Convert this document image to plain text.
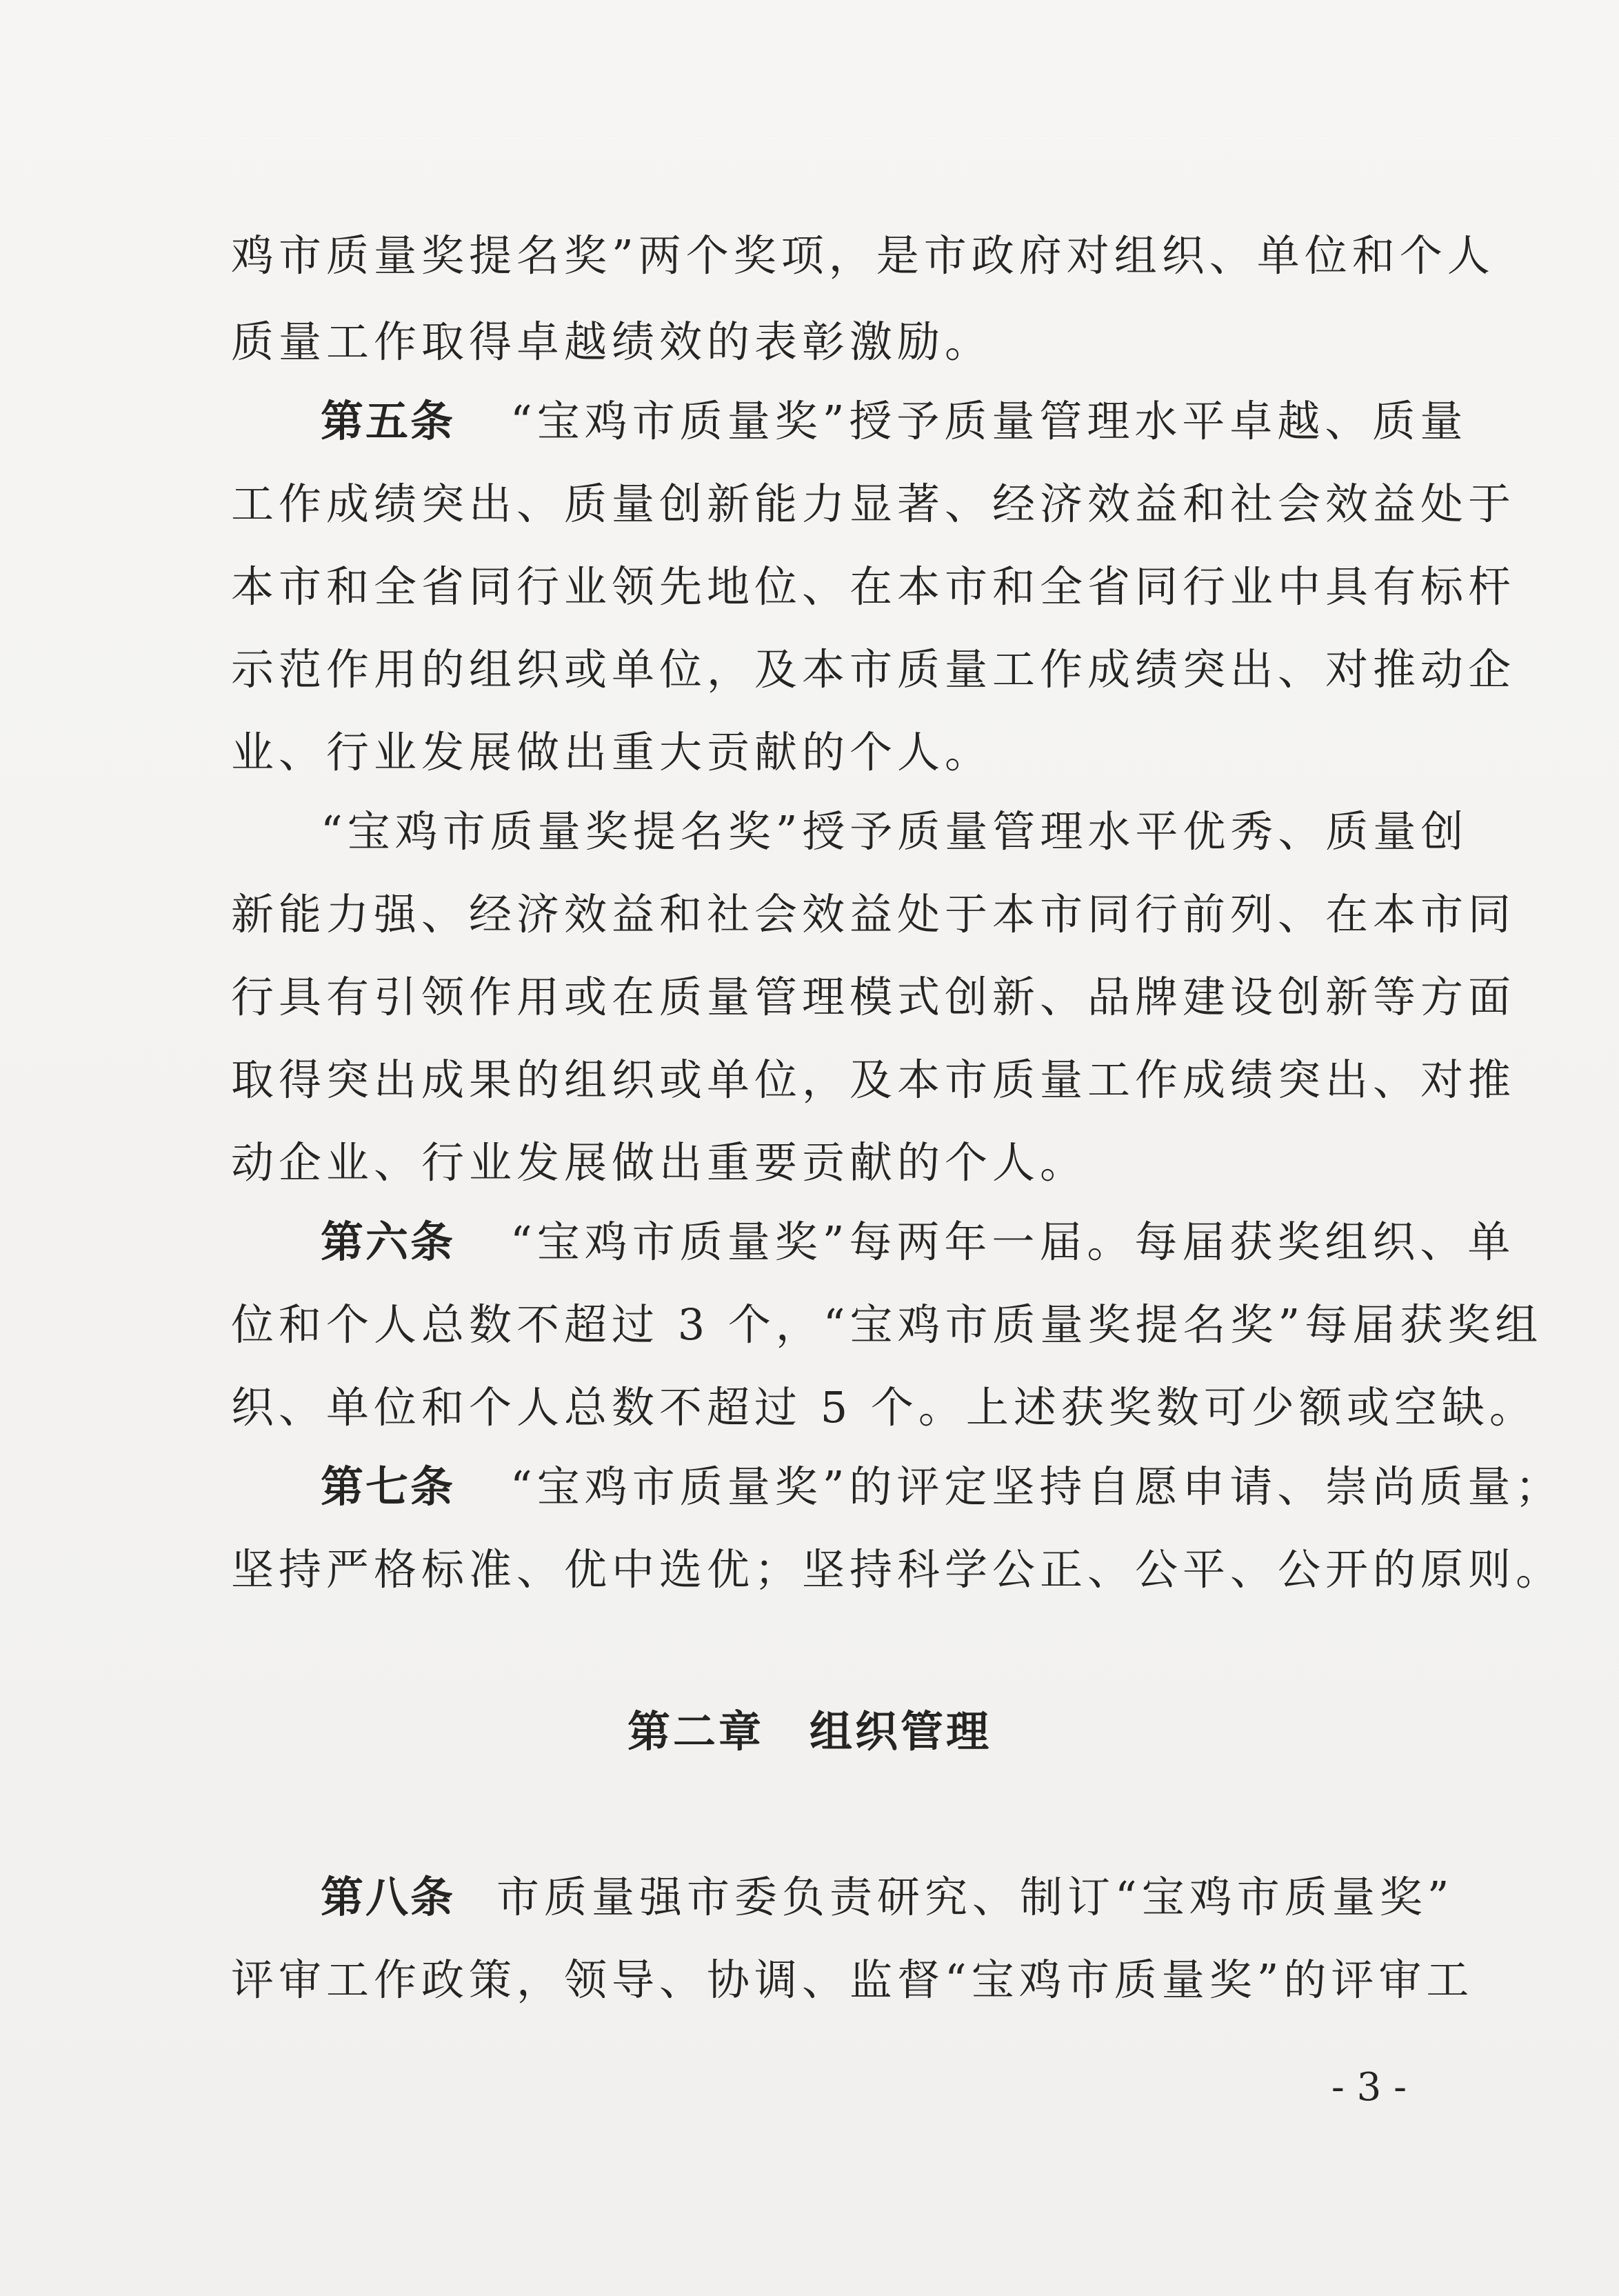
鸡市质量奖提名奖”两个奖项，是市政府对组织、单位和个人
质量工作取得卓越绩效的表彰激励。
第五条 “宝鸡市质量奖”授予质量管理水平卓越、质量
工作成绩突出、质量创新能力显著、经济效益和社会效益处于
本市和全省同行业领先地位、在本市和全省同行业中具有标杆
示范作用的组织或单位，及本市质量工作成绩突出、对推动企
业、行业发展做出重大贡献的个人。
“宝鸡市质量奖提名奖”授予质量管理水平优秀、质量创
新能力强、经济效益和社会效益处于本市同行前列、在本市同
行具有引领作用或在质量管理模式创新、品牌建设创新等方面
取得突出成果的组织或单位，及本市质量工作成绩突出、对推
动企业、行业发展做出重要贡献的个人。
第六条 “宝鸡市质量奖”每两年一届。每届获奖组织、单
位和个人总数不超过 3 个，“宝鸡市质量奖提名奖”每届获奖组
织、单位和个人总数不超过 5 个。上述获奖数可少额或空缺。
第七条 “宝鸡市质量奖”的评定坚持自愿申请、崇尚质量；
坚持严格标准、优中选优；坚持科学公正、公平、公开的原则。
第二章　组织管理
第八条 市质量强市委负责研究、制订“宝鸡市质量奖”
评审工作政策，领导、协调、监督“宝鸡市质量奖”的评审工
- 3 -
